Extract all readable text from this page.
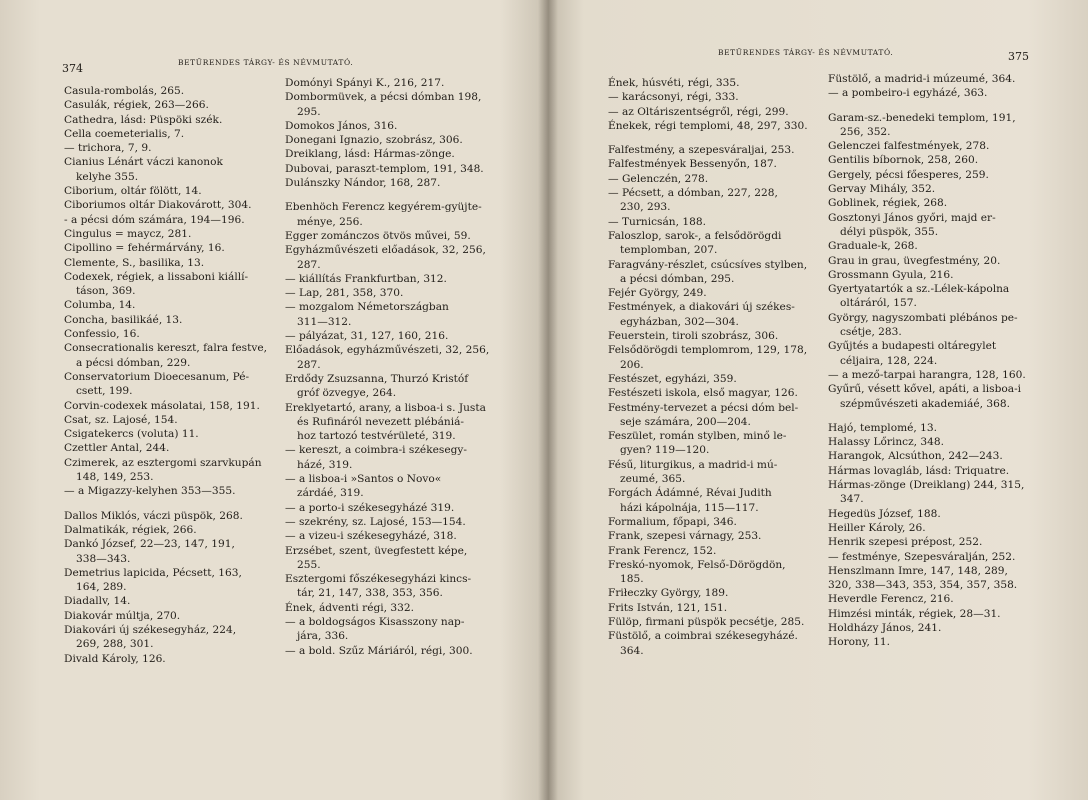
374	BETŰRENDES TÁRGY- ÉS NÉVMUTATÓ.
Casula-rombolás, 265.
Casulák, régiek, 263—266.
Cathedra, lásd: Püspöki szék.
Cella coemeterialis, 7.
— trichora, 7, 9.
Cianius Lénárt váczi kanonok
kelyhe 355.
Ciborium, oltár fölött, 14.
Ciboriumos oltár Diakovárott, 304.
- a pécsi dóm számára, 194—196.
Cingulus = maycz, 281.
Cipollino = fehérmárvány, 16.
Clemente, S., basilika, 13.
Codexek, régiek, a lissaboni kiállí-
táson, 369.
Columba, 14.
Concha, basilikáé, 13.
Confessio, 16.
Consecrationalis kereszt, falra festve,
a pécsi dómban, 229.
Conservatorium Dioecesanum, Pé-
csett, 199.
Corvin-codexek másolatai, 158, 191.
Csat, sz. Lajosé, 154.
Csigatekercs (voluta) 11.
Czettler Antal, 244.
Czimerek, az esztergomi szarvkupán
148, 149, 253.
— a Migazzy-kelyhen 353—355.
Dallos Miklós, váczi püspök, 268.
Dalmatikák, régiek, 266.
Dankó József, 22—23, 147, 191,
338—343.
Demetrius lapicida, Pécsett, 163,
164, 289.
Diadallv, 14.
Diakovár múltja, 270.
Diakovári új székesegyház, 224,
269, 288, 301.
Divald Károly, 126.
Domónyi Spányi K., 216, 217.
Dombormüvek, a pécsi dómban 198,
295.
Domokos János, 316.
Donegani Ignazio, szobrász, 306.
Dreiklang, lásd: Hármas-zönge.
Dubovai, paraszt-templom, 191, 348.
Dulánszky Nándor, 168, 287.
Ebenhöch Ferencz kegyérem-gyüjte-
ménye, 256.
Egger zománczos ötvös művei, 59.
Egyházművészeti előadások, 32, 256,
287.
— kiállítás Frankfurtban, 312.
— Lap, 281, 358, 370.
— mozgalom Németországban
311—312.
— pályázat, 31, 127, 160, 216.
Előadások, egyházművészeti, 32, 256,
287.
Erdődy Zsuzsanna, Thurzó Kristóf
gróf özvegye, 264.
Ereklyetartó, arany, a lisboa-i s. Justa
és Rufináról nevezett plébániá-
hoz tartozó testvérületé, 319.
— kereszt, a coimbra-i székesegy-
házé, 319.
— a lisboa-i »Santos o Novo«
zárdáé, 319.
— a porto-i székesegyházé 319.
— szekrény, sz. Lajosé, 153—154.
— a vizeu-i székesegyházé, 318.
Erzsébet, szent, üvegfestett képe,
255.
Esztergomi főszékesegyházi kincs-
tár, 21, 147, 338, 353, 356.
Ének, ádventi régi, 332.
— a boldogságos Kisasszony nap-
jára, 336.
— a bold. Szűz Máriáról, régi, 300.
375
BETŰRENDES TÁRGY- ÉS NÉVMUTATÓ.
Ének, húsvéti, régi, 335.
— karácsonyi, régi, 333.
— az Oltáriszentségről, régi, 299.
Énekek, régi templomi, 48, 297, 330.
Falfestmény, a szepesváraljai, 253.
Falfestmények Bessenyőn, 187.
— Gelenczén, 278.
— Pécsett, a dómban, 227, 228,
230, 293.
— Turnicsán, 188.
Faloszlop, sarok-, a felsődörögdi
templomban, 207.
Faragvány-részlet, csúcsíves stylben,
a pécsi dómban, 295.
Fejér György, 249.
Festmények, a diakovári új székes-
egyházban, 302—304.
Feuerstein, tiroli szobrász, 306.
Felsődörögdi templomrom, 129, 178,
206.
Festészet, egyházi, 359.
Festészeti iskola, első magyar, 126.
Festmény-tervezet a pécsi dóm bel-
seje számára, 200—204.
Feszület, román stylben, minő le-
gyen? 119—120.
Fésű, liturgikus, a madrid-i mú-
zeumé, 365.
Forgách Ádámné, Révai Judith
házi kápolnája, 115—117.
Formalium, főpapi, 346.
Frank, szepesi várnagy, 253.
Frank Ferencz, 152.
Freskó-nyomok, Felső-Dörögdön,
185.
Friłeczky György, 189.
Frits István, 121, 151.
Fülöp, firmani püspök pecsétje, 285.
Füstölő, a coimbrai székesegyházé.
364.
Füstölő, a madrid-i múzeumé, 364.
— a pombeiro-i egyházé, 363.
Garam-sz.-benedeki templom, 191,
256, 352.
Gelenczei falfestmények, 278.
Gentilis bíbornok, 258, 260.
Gergely, pécsi főesperes, 259.
Gervay Mihály, 352.
Goblinek, régiek, 268.
Gosztonyi János győri, majd er-
délyi püspök, 355.
Graduale-k, 268.
Grau in grau, üvegfestmény, 20.
Grossmann Gyula, 216.
Gyertyatartók a sz.-Lélek-kápolna
oltáráról, 157.
György, nagyszombati plébános pe-
csétje, 283.
Gyűjtés a budapesti oltáregylet
céljaira, 128, 224.
— a mező-tarpai harangra, 128, 160.
Gyűrű, vésett kővel, apáti, a lisboa-i
szépművészeti akademiáé, 368.
Hajó, templomé, 13.
Halassy Lőrincz, 348.
Harangok, Alcsúthon, 242—243.
Hármas lovagláb, lásd: Triquatre.
Hármas-zönge (Dreiklang) 244, 315,
347.
Hegedüs József, 188.
Heiller Károly, 26.
Henrik szepesi prépost, 252.
— festménye, Szepesváralján, 252.
Henszlmann Imre, 147, 148, 289,
320, 338—343, 353, 354, 357, 358.
Heverdle Ferencz, 216.
Himzési minták, régiek, 28—31.
Holdházy János, 241.
Horony, 11.
